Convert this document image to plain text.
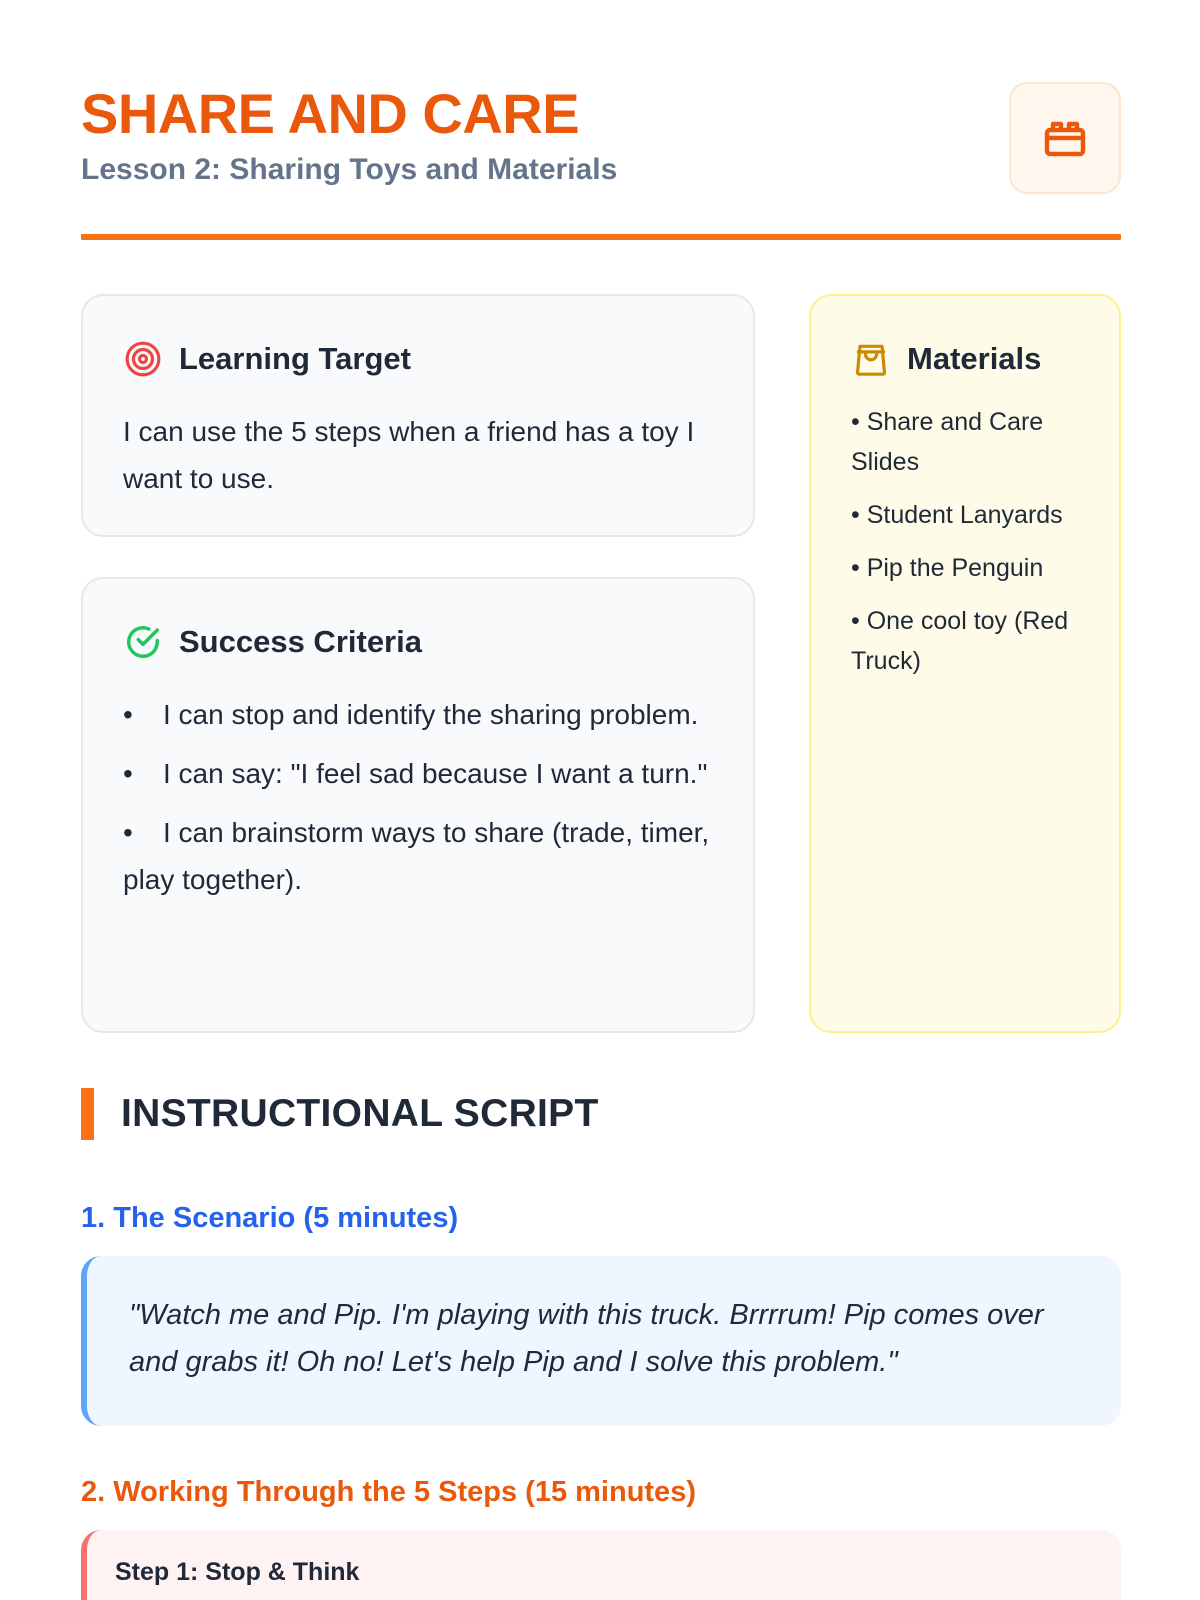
SHARE AND CARE
Lesson 2: Sharing Toys and Materials
Learning Target

I can use the 5 steps when a friend has a toy I want to use.

Success Criteria
• I can stop and identify the sharing problem.
• I can say: "I feel sad because I want a turn."
• I can brainstorm ways to share (trade, timer, play together).
Materials
• Share and Care Slides
• Student Lanyards
• Pip the Penguin
• One cool toy (Red Truck)
INSTRUCTIONAL SCRIPT
1. The Scenario (5 minutes)

"Watch me and Pip. I'm playing with this truck. Brrrrum! Pip comes over and grabs it! Oh no! Let's help Pip and I solve this problem."

2. Working Through the 5 Steps (15 minutes)
Step 1: Stop & Think
